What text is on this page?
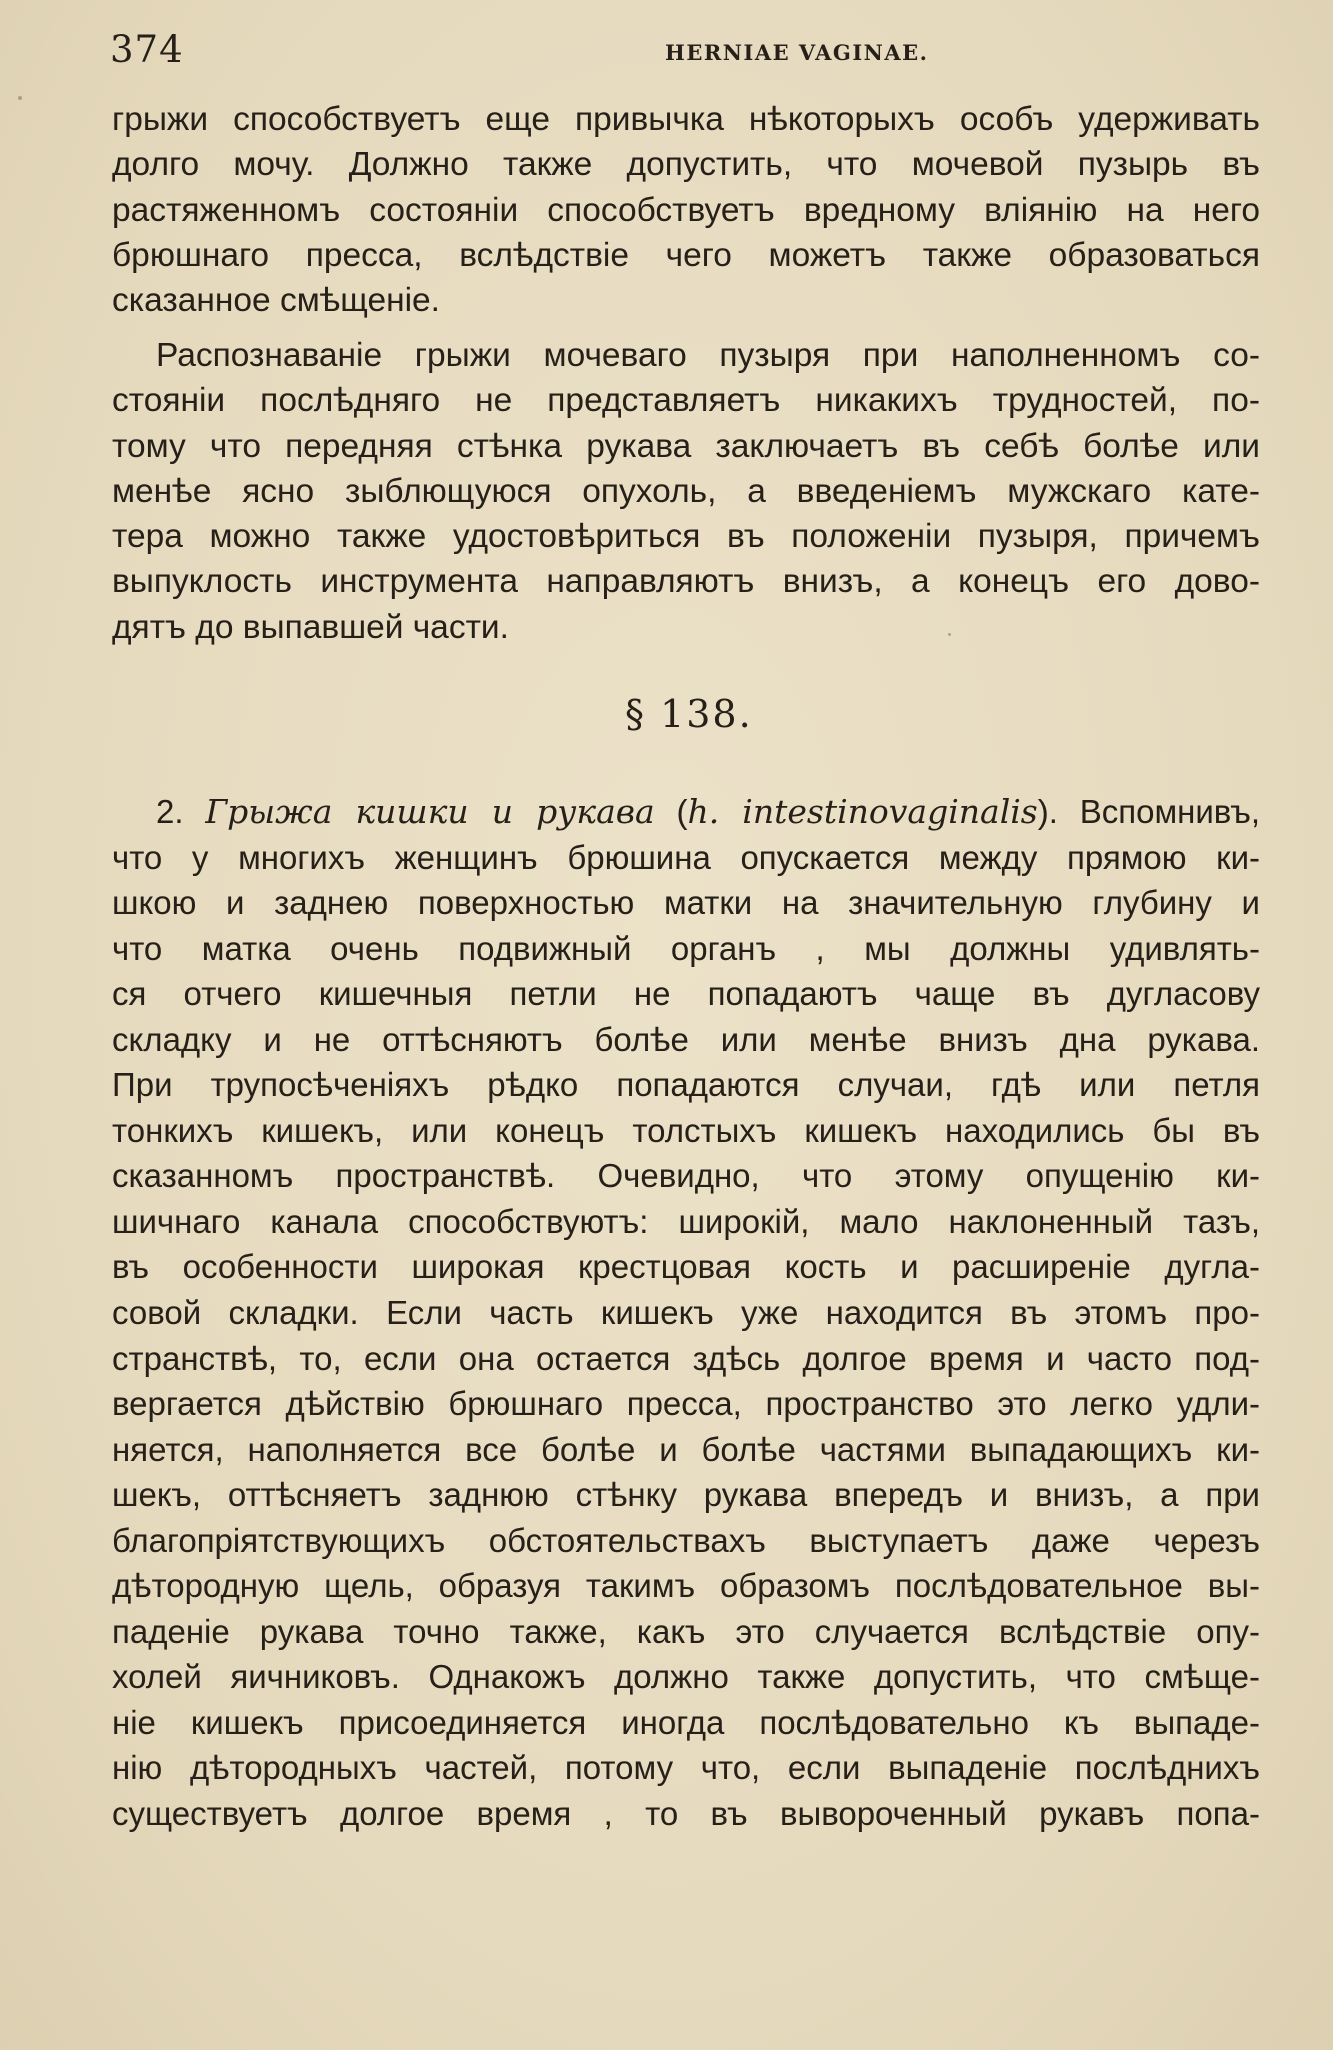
374	HERNIAE VAGINAE.
грыжи способствуетъ еще привычка нѣкоторыхъ особъ удерживать
долго мочу. Должно также допустить, что мочевой пузырь въ
растяженномъ состояніи способствуетъ вредному вліянію на него
брюшнаго пресса, вслѣдствіе чего можетъ также образоваться
сказанное смѣщеніе.
Распознаваніе грыжи мочеваго пузыря при наполненномъ со-
стояніи послѣдняго не представляетъ никакихъ трудностей, по-
тому что передняя стѣнка рукава заключаетъ въ себѣ болѣе или
менѣе ясно зыблющуюся опухоль, а введеніемъ мужскаго кате-
тера можно также удостовѣриться въ положеніи пузыря, причемъ
выпуклость инструмента направляютъ внизъ, а конецъ его дово-
дятъ до выпавшей части.
§ 138.
2. Грыжа кишки и рукава (h. intestinovaginalis). Вспомнивъ,
что у многихъ женщинъ брюшина опускается между прямою ки-
шкою и заднею поверхностью матки на значительную глубину и
что матка очень подвижный органъ , мы должны удивлять-
ся отчего кишечныя петли не попадаютъ чаще въ дугласову
складку и не оттѣсняютъ болѣе или менѣе внизъ дна рукава.
При трупосѣченіяхъ рѣдко попадаются случаи, гдѣ или петля
тонкихъ кишекъ, или конецъ толстыхъ кишекъ находились бы въ
сказанномъ пространствѣ. Очевидно, что этому опущенію ки-
шичнаго канала способствуютъ: широкій, мало наклоненный тазъ,
въ особенности широкая крестцовая кость и расширеніе дугла-
совой складки. Если часть кишекъ уже находится въ этомъ про-
странствѣ, то, если она остается здѣсь долгое время и часто под-
вергается дѣйствію брюшнаго пресса, пространство это легко удли-
няется, наполняется все болѣе и болѣе частями выпадающихъ ки-
шекъ, оттѣсняетъ заднюю стѣнку рукава впередъ и внизъ, а при
благопріятствующихъ обстоятельствахъ выступаетъ даже черезъ
дѣтородную щель, образуя такимъ образомъ послѣдовательное вы-
паденіе рукава точно также, какъ это случается вслѣдствіе опу-
холей яичниковъ. Однакожъ должно также допустить, что смѣще-
ніе кишекъ присоединяется иногда послѣдовательно къ выпаде-
нію дѣтородныхъ частей, потому что, если выпаденіе послѣднихъ
существуетъ долгое время , то въ вывороченный рукавъ попа-
